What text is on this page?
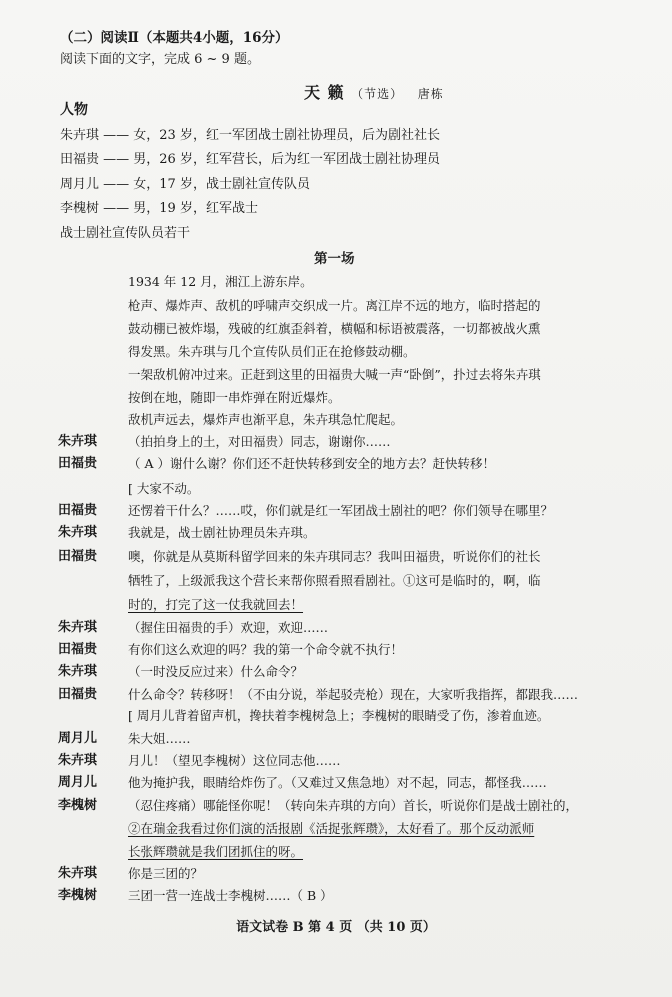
（二）阅读Ⅱ（本题共4小题，16分）
阅读下面的文字，完成 6 ~ 9 题。
天 籁 （节选） 唐栋
人物
朱卉琪 —— 女，23 岁，红一军团战士剧社协理员，后为剧社社长
田福贵 —— 男，26 岁，红军营长，后为红一军团战士剧社协理员
周月儿 —— 女，17 岁，战士剧社宣传队员
李槐树 —— 男，19 岁，红军战士
战士剧社宣传队员若干
第一场
1934 年 12 月，湘江上游东岸。
枪声、爆炸声、敌机的呼啸声交织成一片。离江岸不远的地方，临时搭起的
鼓动棚已被炸塌，残破的红旗歪斜着，横幅和标语被震落，一切都被战火熏
得发黑。朱卉琪与几个宣传队员们正在抢修鼓动棚。
一架敌机俯冲过来。正赶到这里的田福贵大喊一声“卧倒”，扑过去将朱卉琪
按倒在地，随即一串炸弹在附近爆炸。
敌机声远去，爆炸声也渐平息，朱卉琪急忙爬起。
朱卉琪 （拍拍身上的土，对田福贵）同志，谢谢你……
田福贵 （ A ）谢什么谢？你们还不赶快转移到安全的地方去？赶快转移！
[ 大家不动。
田福贵 还愣着干什么？……哎，你们就是红一军团战士剧社的吧？你们领导在哪里？
朱卉琪 我就是，战士剧社协理员朱卉琪。
田福贵 噢，你就是从莫斯科留学回来的朱卉琪同志？我叫田福贵，听说你们的社长
牺牲了，上级派我这个营长来帮你照看照看剧社。①这可是临时的，啊，临
时的，打完了这一仗我就回去！
朱卉琪 （握住田福贵的手）欢迎，欢迎……
田福贵 有你们这么欢迎的吗？我的第一个命令就不执行！
朱卉琪 （一时没反应过来）什么命令？
田福贵 什么命令？转移呀！（不由分说，举起驳壳枪）现在，大家听我指挥，都跟我……
[ 周月儿背着留声机，搀扶着李槐树急上；李槐树的眼睛受了伤，渗着血迹。
周月儿 朱大姐……
朱卉琪 月儿！（望见李槐树）这位同志他……
周月儿 他为掩护我，眼睛给炸伤了。（又难过又焦急地）对不起，同志，都怪我……
李槐树 （忍住疼痛）哪能怪你呢！（转向朱卉琪的方向）首长，听说你们是战士剧社的，
②在瑞金我看过你们演的活报剧《活捉张辉瓒》，太好看了。那个反动派师
长张辉瓒就是我们团抓住的呀。
朱卉琪 你是三团的？
李槐树 三团一营一连战士李槐树……（ B ）
语文试卷 B 第 4 页 （共 10 页）
